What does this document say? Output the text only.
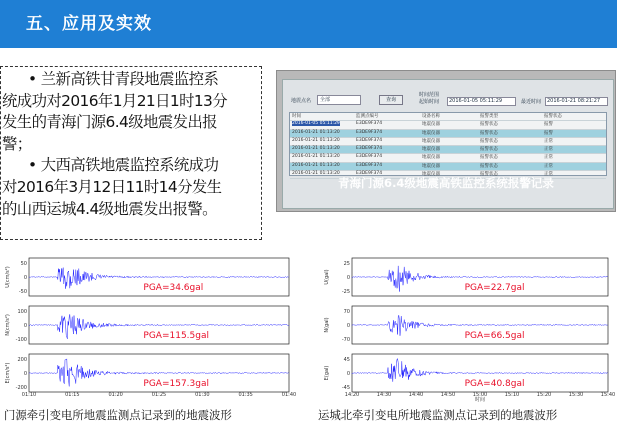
五、应用及实效

• 兰新高铁甘青段地震监控系

统成功对2016年1月21日1时13分

发生的青海门源6.4级地震发出报

警；

• 大西高铁地震监控系统成功

对2016年3月12日11时14分发生

的山西运城4.4级地震发出报警。

地震点名	全部	查询
时间范围
起始时间	2016-01-05 05:11:29	最近时间	2016-01-21 08:21:27
时间	监测点编号	设备名称	报警类型	报警状态
2016-01-05 05:11:29	E3DE9F374	地震仪器	报警状态	报警
2016-01-21 01:13:20	E3DE9F374	地震仪器	报警状态	报警
2016-01-21 01:13:20	E3DE9F374	地震仪器	报警状态	正常
2016-01-21 01:13:20	E3DE9F374	地震仪器	报警状态	正常
2016-01-21 01:13:20	E3DE9F374	地震仪器	报警状态	正常
2016-01-21 01:13:20	E3DE9F374	地震仪器	报警状态	正常
2016-01-21 01:13:20	E3DE9F374	地震仪器	报警状态	正常
青海门源6.4级地震高铁监控系统报警记录
50
0
-50
U(cm/s²)
PGA=34.6gal
100
0
-100
N(cm/s²)
PGA=115.5gal
200
0
-200
E(cm/s²)
PGA=157.3gal
01:10	01:15	01:20	01:25	01:30	01:35	01:40
25
0
-25
U(gal)
PGA=22.7gal
70
0
-70
N(gal)
PGA=66.5gal
45
0
-45
E(gal)
PGA=40.8gal
14:20	14:30	14:40	14:50	15:00	15:10	15:20	15:30	15:40
时间
门源牵引变电所地震监测点记录到的地震波形	运城北牵引变电所地震监测点记录到的地震波形
